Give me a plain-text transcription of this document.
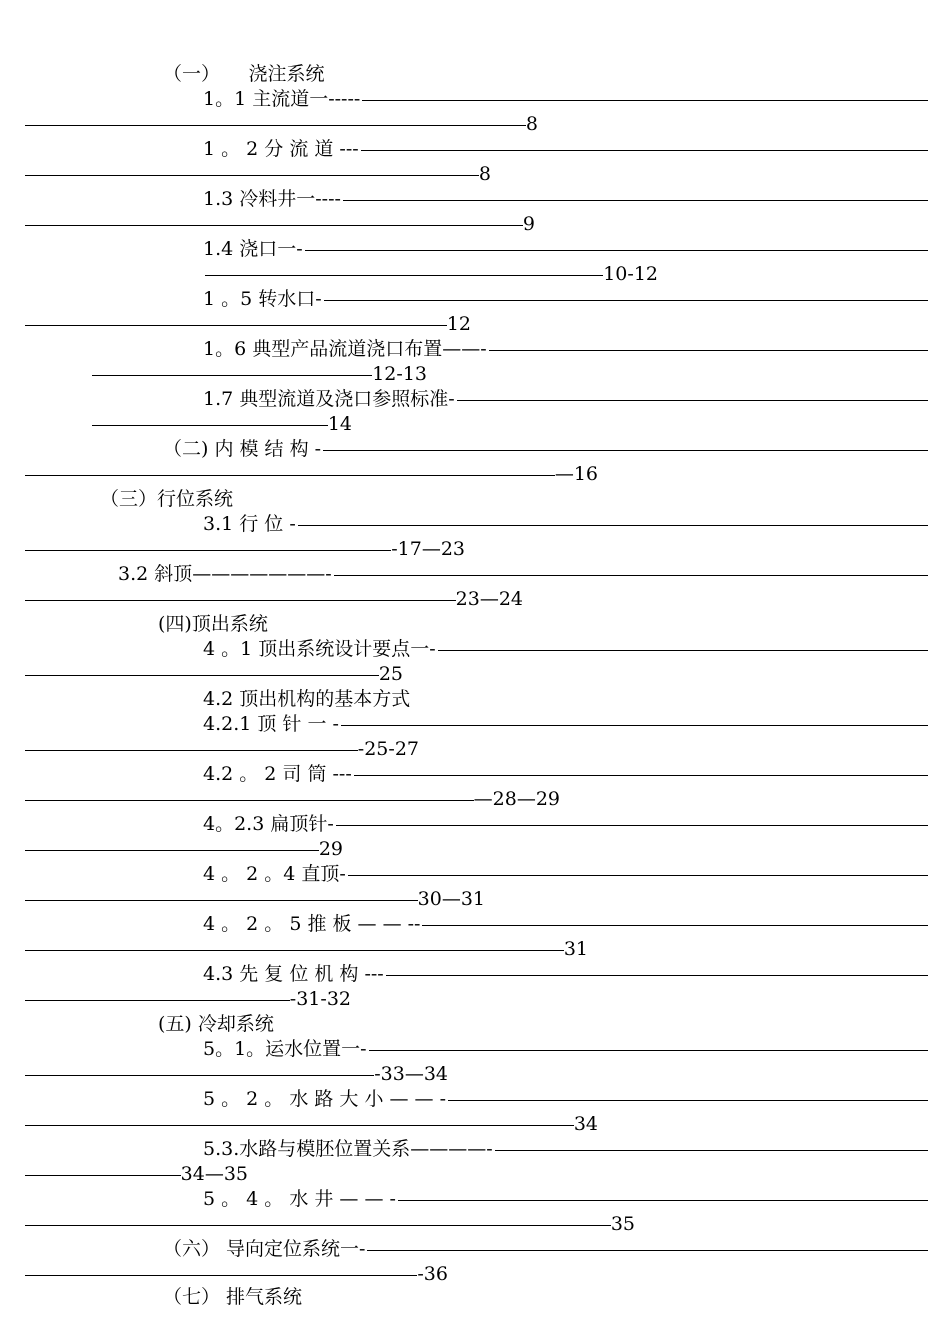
（一）　　浇注系统
1。1 主流道一-----
8
1 。 2 分 流 道 ---
8
1.3 冷料井一----
9
1.4 浇口一-
10-12
1 。5 转水口-
12
1。6 典型产品流道浇口布置——-
12-13
1.7 典型流道及浇口参照标准-
14
（二) 内 模 结 构 -
—16
（三）行位系统
3.1 行 位 -
-17—23
3.2 斜顶———————-
23—24
(四)顶出系统
4 。1 顶出系统设计要点一-
25
4.2 顶出机构的基本方式
4.2.1 顶 针 一 -
-25-27
4.2 。 2 司 筒 ---
—28—29
4。2.3 扁顶针-
29
4 。 2 。4 直顶-
30—31
4 。 2 。 5 推 板 — — --
31
4.3 先 复 位 机 构 ---
-31-32
(五) 冷却系统
5。1。运水位置一-
-33—34
5 。 2 。 水 路 大 小 — — -
34
5.3.水路与模胚位置关系————-
34—35
5 。 4 。 水 井 — — -
35
（六） 导向定位系统一-
-36
（七） 排气系统
